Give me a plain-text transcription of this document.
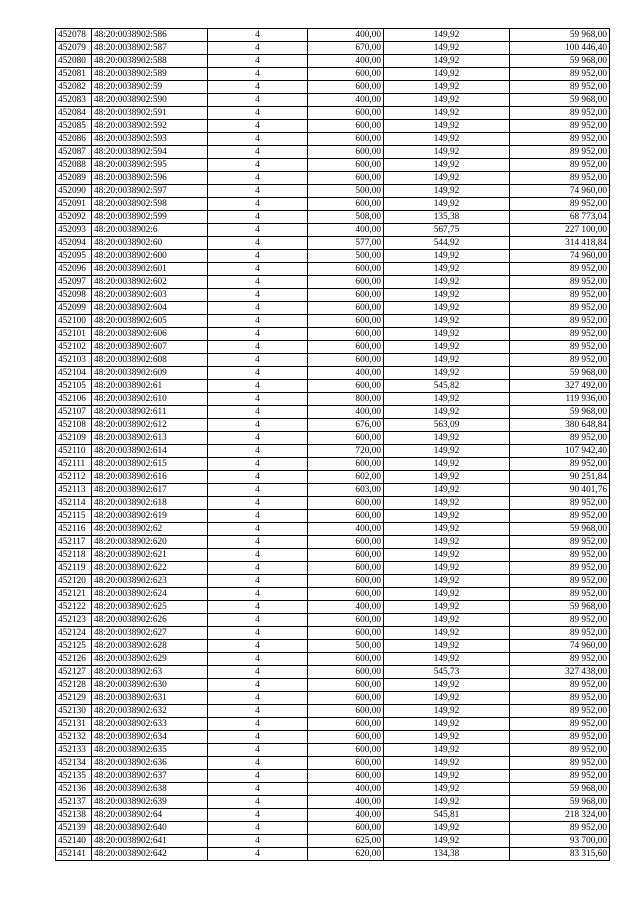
452078	48:20:0038902:586	4	400,00	149,92	59 968,00
452079	48:20:0038902:587	4	670,00	149,92	100 446,40
452080	48:20:0038902:588	4	400,00	149,92	59 968,00
452081	48:20:0038902:589	4	600,00	149,92	89 952,00
452082	48:20:0038902:59	4	600,00	149,92	89 952,00
452083	48:20:0038902:590	4	400,00	149,92	59 968,00
452084	48:20:0038902:591	4	600,00	149,92	89 952,00
452085	48:20:0038902:592	4	600,00	149,92	89 952,00
452086	48:20:0038902:593	4	600,00	149,92	89 952,00
452087	48:20:0038902:594	4	600,00	149,92	89 952,00
452088	48:20:0038902:595	4	600,00	149,92	89 952,00
452089	48:20:0038902:596	4	600,00	149,92	89 952,00
452090	48:20:0038902:597	4	500,00	149,92	74 960,00
452091	48:20:0038902:598	4	600,00	149,92	89 952,00
452092	48:20:0038902:599	4	508,00	135,38	68 773,04
452093	48:20:0038902:6	4	400,00	567,75	227 100,00
452094	48:20:0038902:60	4	577,00	544,92	314 418,84
452095	48:20:0038902:600	4	500,00	149,92	74 960,00
452096	48:20:0038902:601	4	600,00	149,92	89 952,00
452097	48:20:0038902:602	4	600,00	149,92	89 952,00
452098	48:20:0038902:603	4	600,00	149,92	89 952,00
452099	48:20:0038902:604	4	600,00	149,92	89 952,00
452100	48:20:0038902:605	4	600,00	149,92	89 952,00
452101	48:20:0038902:606	4	600,00	149,92	89 952,00
452102	48:20:0038902:607	4	600,00	149,92	89 952,00
452103	48:20:0038902:608	4	600,00	149,92	89 952,00
452104	48:20:0038902:609	4	400,00	149,92	59 968,00
452105	48:20:0038902:61	4	600,00	545,82	327 492,00
452106	48:20:0038902:610	4	800,00	149,92	119 936,00
452107	48:20:0038902:611	4	400,00	149,92	59 968,00
452108	48:20:0038902:612	4	676,00	563,09	380 648,84
452109	48:20:0038902:613	4	600,00	149,92	89 952,00
452110	48:20:0038902:614	4	720,00	149,92	107 942,40
452111	48:20:0038902:615	4	600,00	149,92	89 952,00
452112	48:20:0038902:616	4	602,00	149,92	90 251,84
452113	48:20:0038902:617	4	603,00	149,92	90 401,76
452114	48:20:0038902:618	4	600,00	149,92	89 952,00
452115	48:20:0038902:619	4	600,00	149,92	89 952,00
452116	48:20:0038902:62	4	400,00	149,92	59 968,00
452117	48:20:0038902:620	4	600,00	149,92	89 952,00
452118	48:20:0038902:621	4	600,00	149,92	89 952,00
452119	48:20:0038902:622	4	600,00	149,92	89 952,00
452120	48:20:0038902:623	4	600,00	149,92	89 952,00
452121	48:20:0038902:624	4	600,00	149,92	89 952,00
452122	48:20:0038902:625	4	400,00	149,92	59 968,00
452123	48:20:0038902:626	4	600,00	149,92	89 952,00
452124	48:20:0038902:627	4	600,00	149,92	89 952,00
452125	48:20:0038902:628	4	500,00	149,92	74 960,00
452126	48:20:0038902:629	4	600,00	149,92	89 952,00
452127	48:20:0038902:63	4	600,00	545,73	327 438,00
452128	48:20:0038902:630	4	600,00	149,92	89 952,00
452129	48:20:0038902:631	4	600,00	149,92	89 952,00
452130	48:20:0038902:632	4	600,00	149,92	89 952,00
452131	48:20:0038902:633	4	600,00	149,92	89 952,00
452132	48:20:0038902:634	4	600,00	149,92	89 952,00
452133	48:20:0038902:635	4	600,00	149,92	89 952,00
452134	48:20:0038902:636	4	600,00	149,92	89 952,00
452135	48:20:0038902:637	4	600,00	149,92	89 952,00
452136	48:20:0038902:638	4	400,00	149,92	59 968,00
452137	48:20:0038902:639	4	400,00	149,92	59 968,00
452138	48:20:0038902:64	4	400,00	545,81	218 324,00
452139	48:20:0038902:640	4	600,00	149,92	89 952,00
452140	48:20:0038902:641	4	625,00	149,92	93 700,00
452141	48:20:0038902:642	4	620,00	134,38	83 315,60
